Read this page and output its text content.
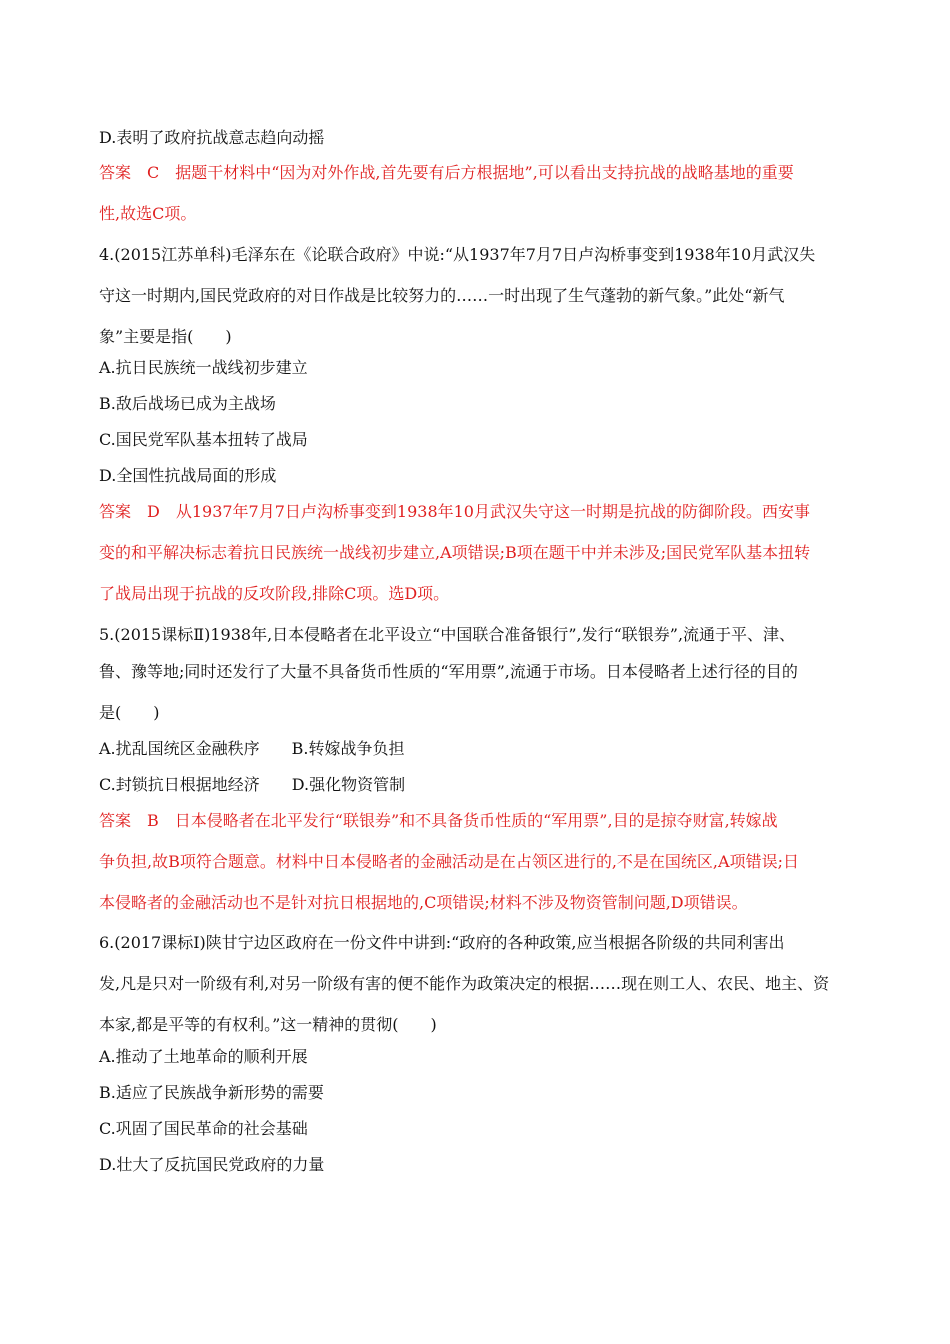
D.表明了政府抗战意志趋向动摇
答案　C　据题干材料中“因为对外作战,首先要有后方根据地”,可以看出支持抗战的战略基地的重要
性,故选C项。
4.(2015江苏单科)毛泽东在《论联合政府》中说:“从1937年7月7日卢沟桥事变到1938年10月武汉失
守这一时期内,国民党政府的对日作战是比较努力的……一时出现了生气蓬勃的新气象。”此处“新气
象”主要是指(　　)
A.抗日民族统一战线初步建立
B.敌后战场已成为主战场
C.国民党军队基本扭转了战局
D.全国性抗战局面的形成
答案　D　从1937年7月7日卢沟桥事变到1938年10月武汉失守这一时期是抗战的防御阶段。西安事
变的和平解决标志着抗日民族统一战线初步建立,A项错误;B项在题干中并未涉及;国民党军队基本扭转
了战局出现于抗战的反攻阶段,排除C项。选D项。
5.(2015课标Ⅱ)1938年,日本侵略者在北平设立“中国联合准备银行”,发行“联银券”,流通于平、津、
鲁、豫等地;同时还发行了大量不具备货币性质的“军用票”,流通于市场。日本侵略者上述行径的目的
是(　　)
A.扰乱国统区金融秩序 B.转嫁战争负担
C.封锁抗日根据地经济 D.强化物资管制
答案　B　日本侵略者在北平发行“联银券”和不具备货币性质的“军用票”,目的是掠夺财富,转嫁战
争负担,故B项符合题意。材料中日本侵略者的金融活动是在占领区进行的,不是在国统区,A项错误;日
本侵略者的金融活动也不是针对抗日根据地的,C项错误;材料不涉及物资管制问题,D项错误。
6.(2017课标Ⅰ)陕甘宁边区政府在一份文件中讲到:“政府的各种政策,应当根据各阶级的共同利害出
发,凡是只对一阶级有利,对另一阶级有害的便不能作为政策决定的根据……现在则工人、农民、地主、资
本家,都是平等的有权利。”这一精神的贯彻(　　)
A.推动了土地革命的顺利开展
B.适应了民族战争新形势的需要
C.巩固了国民革命的社会基础
D.壮大了反抗国民党政府的力量
